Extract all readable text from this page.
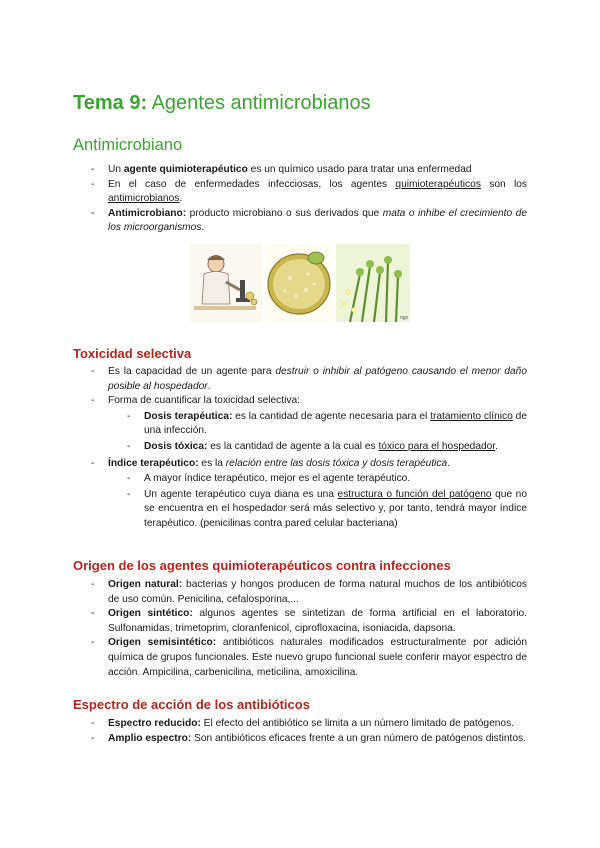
Tema 9: Agentes antimicrobianos
Antimicrobiano
- Un agente quimioterapéutico es un químico usado para tratar una enfermedad
- En el caso de enfermedades infecciosas, los agentes quimioterapéuticos son los antimicrobianos.
- Antimicrobiano: producto microbiano o sus derivados que mata o inhibe el crecimiento de los microorganismos.
ngs
Toxicidad selectiva
- Es la capacidad de un agente para destruir o inhibir al patógeno causando el menor daño posible al hospedador.
- Forma de cuantificar la toxicidad selectiva:
- Dosis terapéutica: es la cantidad de agente necesaria para el tratamiento clínico de una infección.
- Dosis tóxica: es la cantidad de agente a la cual es tóxico para el hospedador.
- Índice terapéutico: es la relación entre las dosis tóxica y dosis terapéutica.
- A mayor índice terapéutico, mejor es el agente terapéutico.
- Un agente terapéutico cuya diana es una estructura o función del patógeno que no se encuentra en el hospedador será más selectivo y, por tanto, tendrá mayor índice terapéutico. (penicilinas contra pared celular bacteriana)
Origen de los agentes quimioterapéuticos contra infecciones
- Origen natural: bacterias y hongos producen de forma natural muchos de los antibióticos de uso común. Penicilina, cefalosporina,...
- Origen sintético: algunos agentes se sintetizan de forma artificial en el laboratorio. Sulfonamidas, trimetoprim, cloranfenicol, ciprofloxacina, isoniacida, dapsona.
- Origen semisintético: antibióticos naturales modificados estructuralmente por adición química de grupos funcionales. Este nuevo grupo funcional suele conferir mayor espectro de acción. Ampicilina, carbenicilina, meticilina, amoxicilina.
Espectro de acción de los antibióticos
- Espectro reducido: El efecto del antibiótico se limita a un número limitado de patógenos.
- Amplio espectro: Son antibióticos eficaces frente a un gran número de patógenos distintos.
